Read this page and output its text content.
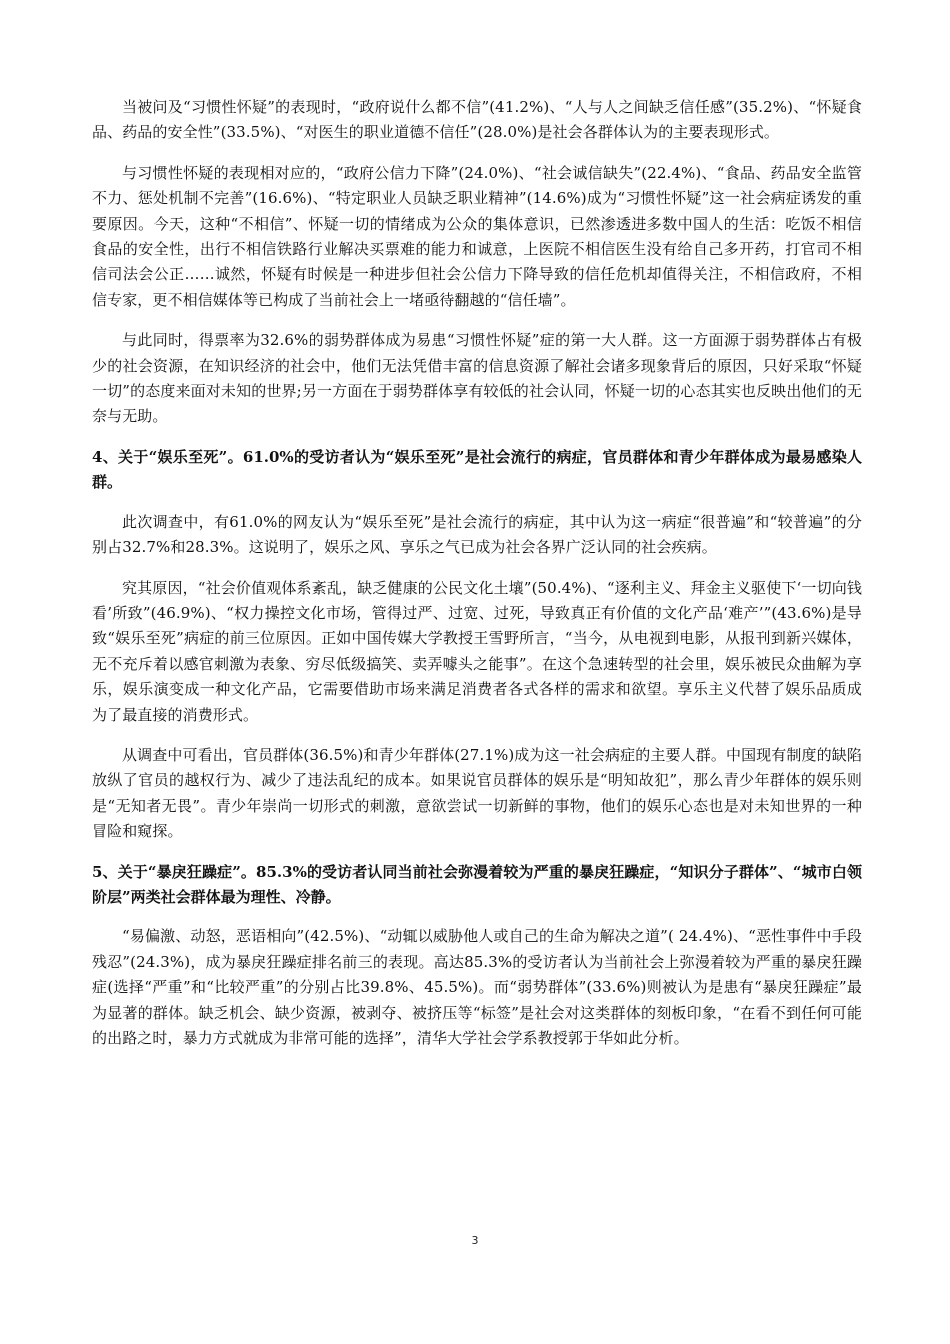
当被问及“习惯性怀疑”的表现时，“政府说什么都不信”(41.2%)、“人与人之间缺乏信任感”(35.2%)、“怀疑食品、药品的安全性”(33.5%)、“对医生的职业道德不信任”(28.0%)是社会各群体认为的主要表现形式。

与习惯性怀疑的表现相对应的，“政府公信力下降”(24.0%)、“社会诚信缺失”(22.4%)、“食品、药品安全监管不力、惩处机制不完善”(16.6%)、“特定职业人员缺乏职业精神”(14.6%)成为“习惯性怀疑”这一社会病症诱发的重要原因。今天，这种“不相信”、怀疑一切的情绪成为公众的集体意识，已然渗透进多数中国人的生活：吃饭不相信食品的安全性，出行不相信铁路行业解决买票难的能力和诚意，上医院不相信医生没有给自己多开药，打官司不相信司法会公正……诚然，怀疑有时候是一种进步但社会公信力下降导致的信任危机却值得关注，不相信政府，不相信专家，更不相信媒体等已构成了当前社会上一堵亟待翻越的“信任墙”。

与此同时，得票率为32.6%的弱势群体成为易患“习惯性怀疑”症的第一大人群。这一方面源于弱势群体占有极少的社会资源，在知识经济的社会中，他们无法凭借丰富的信息资源了解社会诸多现象背后的原因，只好采取“怀疑一切”的态度来面对未知的世界;另一方面在于弱势群体享有较低的社会认同，怀疑一切的心态其实也反映出他们的无奈与无助。

4、关于“娱乐至死”。61.0%的受访者认为“娱乐至死”是社会流行的病症，官员群体和青少年群体成为最易感染人群。

此次调查中，有61.0%的网友认为“娱乐至死”是社会流行的病症，其中认为这一病症“很普遍”和“较普遍”的分别占32.7%和28.3%。这说明了，娱乐之风、享乐之气已成为社会各界广泛认同的社会疾病。

究其原因，“社会价值观体系紊乱，缺乏健康的公民文化土壤”(50.4%)、“逐利主义、拜金主义驱使下‘一切向钱看’所致”(46.9%)、“权力操控文化市场，管得过严、过宽、过死，导致真正有价值的文化产品‘难产’”(43.6%)是导致“娱乐至死”病症的前三位原因。正如中国传媒大学教授王雪野所言，“当今，从电视到电影，从报刊到新兴媒体，无不充斥着以感官刺激为表象、穷尽低级搞笑、卖弄噱头之能事”。在这个急速转型的社会里，娱乐被民众曲解为享乐，娱乐演变成一种文化产品，它需要借助市场来满足消费者各式各样的需求和欲望。享乐主义代替了娱乐品质成为了最直接的消费形式。

从调查中可看出，官员群体(36.5%)和青少年群体(27.1%)成为这一社会病症的主要人群。中国现有制度的缺陷放纵了官员的越权行为、减少了违法乱纪的成本。如果说官员群体的娱乐是“明知故犯”，那么青少年群体的娱乐则是“无知者无畏”。青少年崇尚一切形式的刺激，意欲尝试一切新鲜的事物，他们的娱乐心态也是对未知世界的一种冒险和窥探。

5、关于“暴戾狂躁症”。85.3%的受访者认同当前社会弥漫着较为严重的暴戾狂躁症，“知识分子群体”、“城市白领阶层”两类社会群体最为理性、冷静。

“易偏激、动怒，恶语相向”(42.5%)、“动辄以威胁他人或自己的生命为解决之道”( 24.4%)、“恶性事件中手段残忍”(24.3%)，成为暴戾狂躁症排名前三的表现。高达85.3%的受访者认为当前社会上弥漫着较为严重的暴戾狂躁症(选择“严重”和“比较严重”的分别占比39.8%、45.5%)。而“弱势群体”(33.6%)则被认为是患有“暴戾狂躁症”最为显著的群体。缺乏机会、缺少资源，被剥夺、被挤压等“标签”是社会对这类群体的刻板印象，“在看不到任何可能的出路之时，暴力方式就成为非常可能的选择”，清华大学社会学系教授郭于华如此分析。

3
